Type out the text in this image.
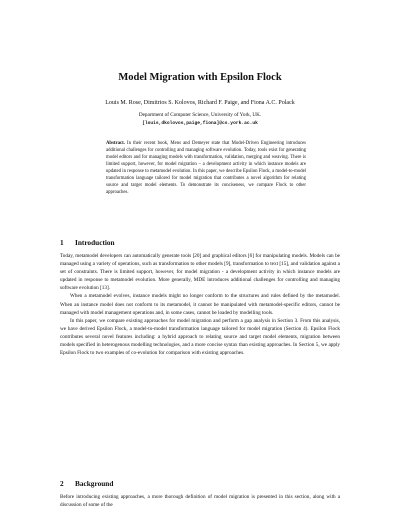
Model Migration with Epsilon Flock
Louis M. Rose, Dimitrios S. Kolovos, Richard F. Paige, and Fiona A.C. Polack
Department of Computer Science, University of York, UK.
[louis,dkolovos,paige,fiona]@cs.york.ac.uk
Abstract. In their recent book, Mens and Demeyer state that Model-Driven Engineering introduces additional challenges for controlling and managing software evolution. Today, tools exist for generating model editors and for managing models with transformation, validation, merging and weaving. There is limited support, however, for model migration – a development activity in which instance models are updated in response to metamodel evolution. In this paper, we describe Epsilon Flock, a model-to-model transformation language tailored for model migration that contributes a novel algorithm for relating source and target model elements. To demonstrate its conciseness, we compare Flock to other approaches.
1 Introduction

Today, metamodel developers can automatically generate tools [20] and graphical editors [6] for manipulating models. Models can be managed using a variety of operations, such as transformation to other models [9], transformation to text [15], and validation against a set of constraints. There is limited support, however, for model migration - a development activity in which instance models are updated in response to metamodel evolution. More generally, MDE introduces additional challenges for controlling and managing software evolution [13].

When a metamodel evolves, instance models might no longer conform to the structures and rules defined by the metamodel. When an instance model does not conform to its metamodel, it cannot be manipulated with metamodel-specific editors, cannot be managed with model management operations and, in some cases, cannot be loaded by modelling tools.

In this paper, we compare existing approaches for model migration and perform a gap analysis in Section 3. From this analysis, we have derived Epsilon Flock, a model-to-model transformation language tailored for model migration (Section 4). Epsilon Flock contributes several novel features including: a hybrid approach to relating source and target model elements, migration between models specified in heterogenous modelling technologies, and a more concise syntax than existing approaches. In Section 5, we apply Epsilon Flock to two examples of co-evolution for comparison with existing approaches.

2 Background

Before introducing existing approaches, a more thorough definition of model migration is presented in this section, along with a discussion of some of the
